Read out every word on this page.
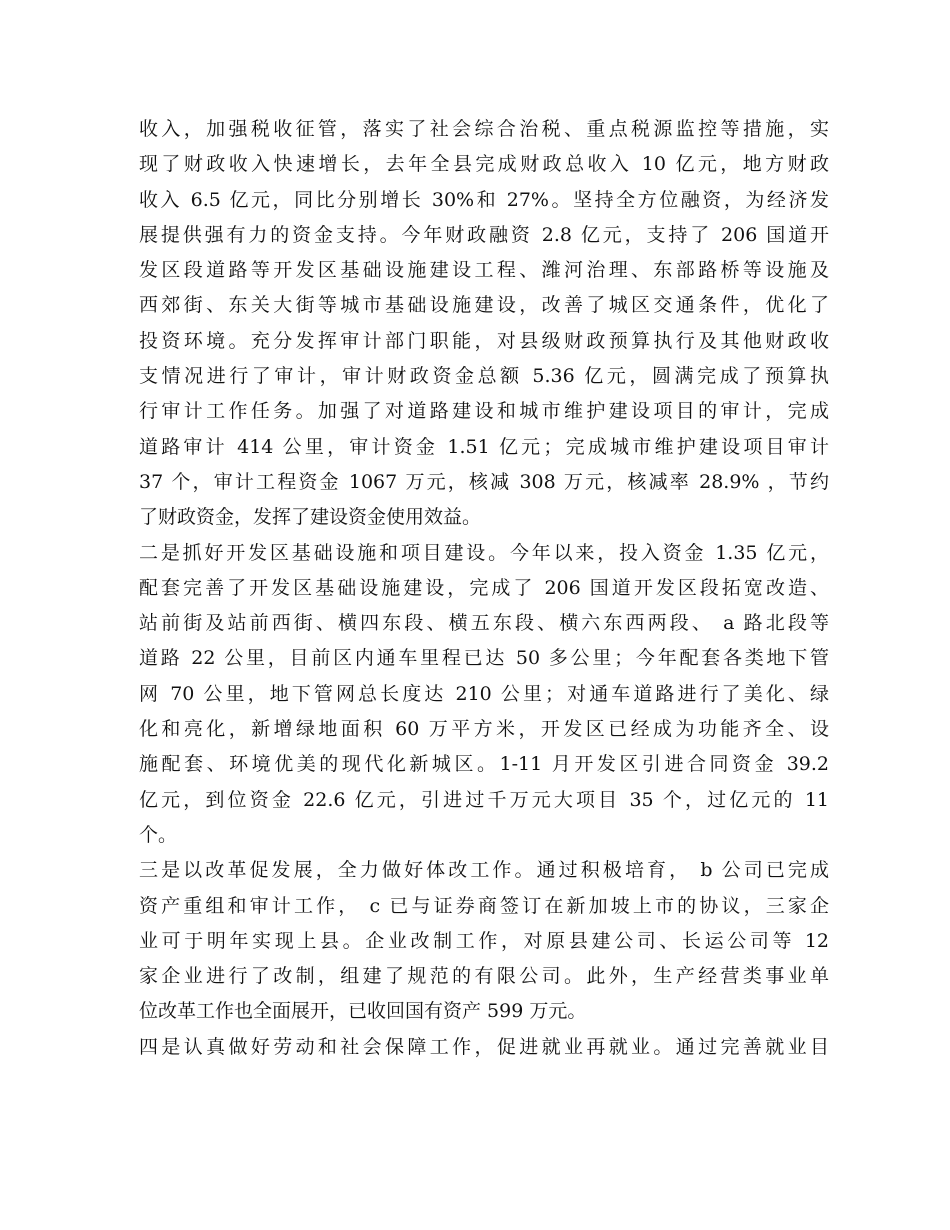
收入，加强税收征管，落实了社会综合治税、重点税源监控等措施，实
现了财政收入快速增长，去年全县完成财政总收入 10 亿元，地方财政
收入 6.5 亿元，同比分别增长 30%和 27%。坚持全方位融资，为经济发
展提供强有力的资金支持。今年财政融资 2.8 亿元，支持了 206 国道开
发区段道路等开发区基础设施建设工程、潍河治理、东部路桥等设施及
西郊街、东关大街等城市基础设施建设，改善了城区交通条件，优化了
投资环境。充分发挥审计部门职能，对县级财政预算执行及其他财政收
支情况进行了审计，审计财政资金总额 5.36 亿元，圆满完成了预算执
行审计工作任务。加强了对道路建设和城市维护建设项目的审计，完成
道路审计 414 公里，审计资金 1.51 亿元；完成城市维护建设项目审计
37 个，审计工程资金 1067 万元，核减 308 万元，核减率 28.9% ，节约
了财政资金，发挥了建设资金使用效益。
二是抓好开发区基础设施和项目建设。今年以来，投入资金 1.35 亿元，
配套完善了开发区基础设施建设，完成了 206 国道开发区段拓宽改造、
站前街及站前西街、横四东段、横五东段、横六东西两段、 a 路北段等
道路 22 公里，目前区内通车里程已达 50 多公里；今年配套各类地下管
网 70 公里，地下管网总长度达 210 公里；对通车道路进行了美化、绿
化和亮化，新增绿地面积 60 万平方米，开发区已经成为功能齐全、设
施配套、环境优美的现代化新城区。1-11 月开发区引进合同资金 39.2
亿元，到位资金 22.6 亿元，引进过千万元大项目 35 个，过亿元的 11
个。
三是以改革促发展，全力做好体改工作。通过积极培育， b 公司已完成
资产重组和审计工作， c 已与证券商签订在新加坡上市的协议，三家企
业可于明年实现上县。企业改制工作，对原县建公司、长运公司等 12
家企业进行了改制，组建了规范的有限公司。此外，生产经营类事业单
位改革工作也全面展开，已收回国有资产 599 万元。
四是认真做好劳动和社会保障工作，促进就业再就业。通过完善就业目
